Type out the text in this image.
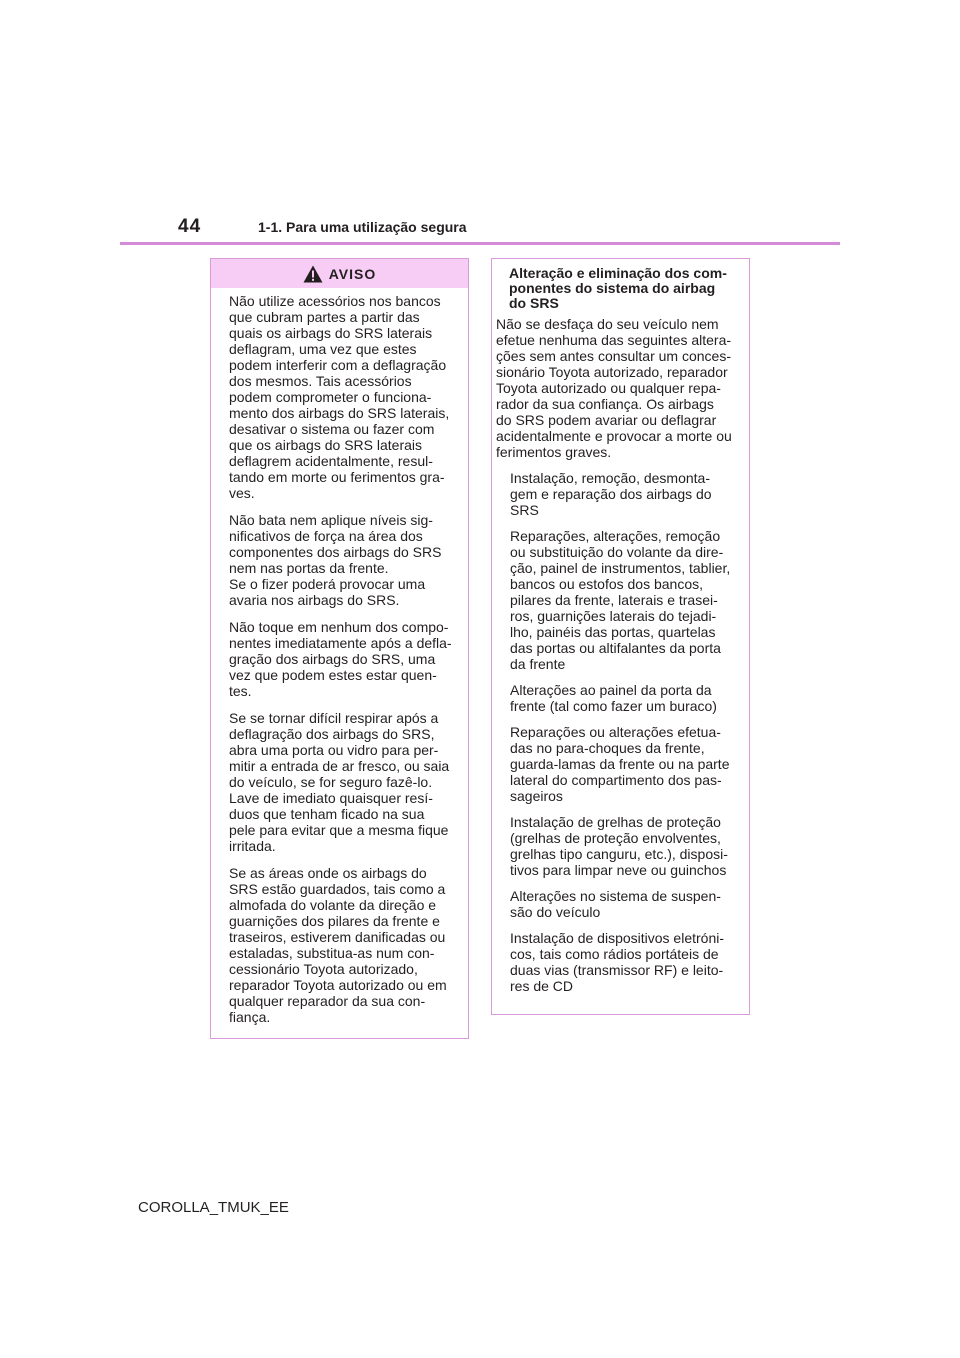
44	1-1. Para uma utilização segura
AVISO

Não utilize acessórios nos bancos
que cubram partes a partir das
quais os airbags do SRS laterais
deflagram, uma vez que estes
podem interferir com a deflagração
dos mesmos. Tais acessórios
podem comprometer o funciona-
mento dos airbags do SRS laterais,
desativar o sistema ou fazer com
que os airbags do SRS laterais
deflagrem acidentalmente, resul-
tando em morte ou ferimentos gra-
ves.

Não bata nem aplique níveis sig-
nificativos de força na área dos
componentes dos airbags do SRS
nem nas portas da frente.
Se o fizer poderá provocar uma
avaria nos airbags do SRS.

Não toque em nenhum dos compo-
nentes imediatamente após a defla-
gração dos airbags do SRS, uma
vez que podem estes estar quen-
tes.

Se se tornar difícil respirar após a
deflagração dos airbags do SRS,
abra uma porta ou vidro para per-
mitir a entrada de ar fresco, ou saia
do veículo, se for seguro fazê-lo.
Lave de imediato quaisquer resí-
duos que tenham ficado na sua
pele para evitar que a mesma fique
irritada.

Se as áreas onde os airbags do
SRS estão guardados, tais como a
almofada do volante da direção e
guarnições dos pilares da frente e
traseiros, estiverem danificadas ou
estaladas, substitua-as num con-
cessionário Toyota autorizado,
reparador Toyota autorizado ou em
qualquer reparador da sua con-
fiança.

Alteração e eliminação dos com-
ponentes do sistema do airbag
do SRS

Não se desfaça do seu veículo nem
efetue nenhuma das seguintes altera-
ções sem antes consultar um conces-
sionário Toyota autorizado, reparador
Toyota autorizado ou qualquer repa-
rador da sua confiança. Os airbags
do SRS podem avariar ou deflagrar
acidentalmente e provocar a morte ou
ferimentos graves.

Instalação, remoção, desmonta-
gem e reparação dos airbags do
SRS

Reparações, alterações, remoção
ou substituição do volante da dire-
ção, painel de instrumentos, tablier,
bancos ou estofos dos bancos,
pilares da frente, laterais e trasei-
ros, guarnições laterais do tejadi-
lho, painéis das portas, quartelas
das portas ou altifalantes da porta
da frente

Alterações ao painel da porta da
frente (tal como fazer um buraco)

Reparações ou alterações efetua-
das no para-choques da frente,
guarda-lamas da frente ou na parte
lateral do compartimento dos pas-
sageiros

Instalação de grelhas de proteção
(grelhas de proteção envolventes,
grelhas tipo canguru, etc.), disposi-
tivos para limpar neve ou guinchos

Alterações no sistema de suspen-
são do veículo

Instalação de dispositivos eletróni-
cos, tais como rádios portáteis de
duas vias (transmissor RF) e leito-
res de CD

COROLLA_TMUK_EE
